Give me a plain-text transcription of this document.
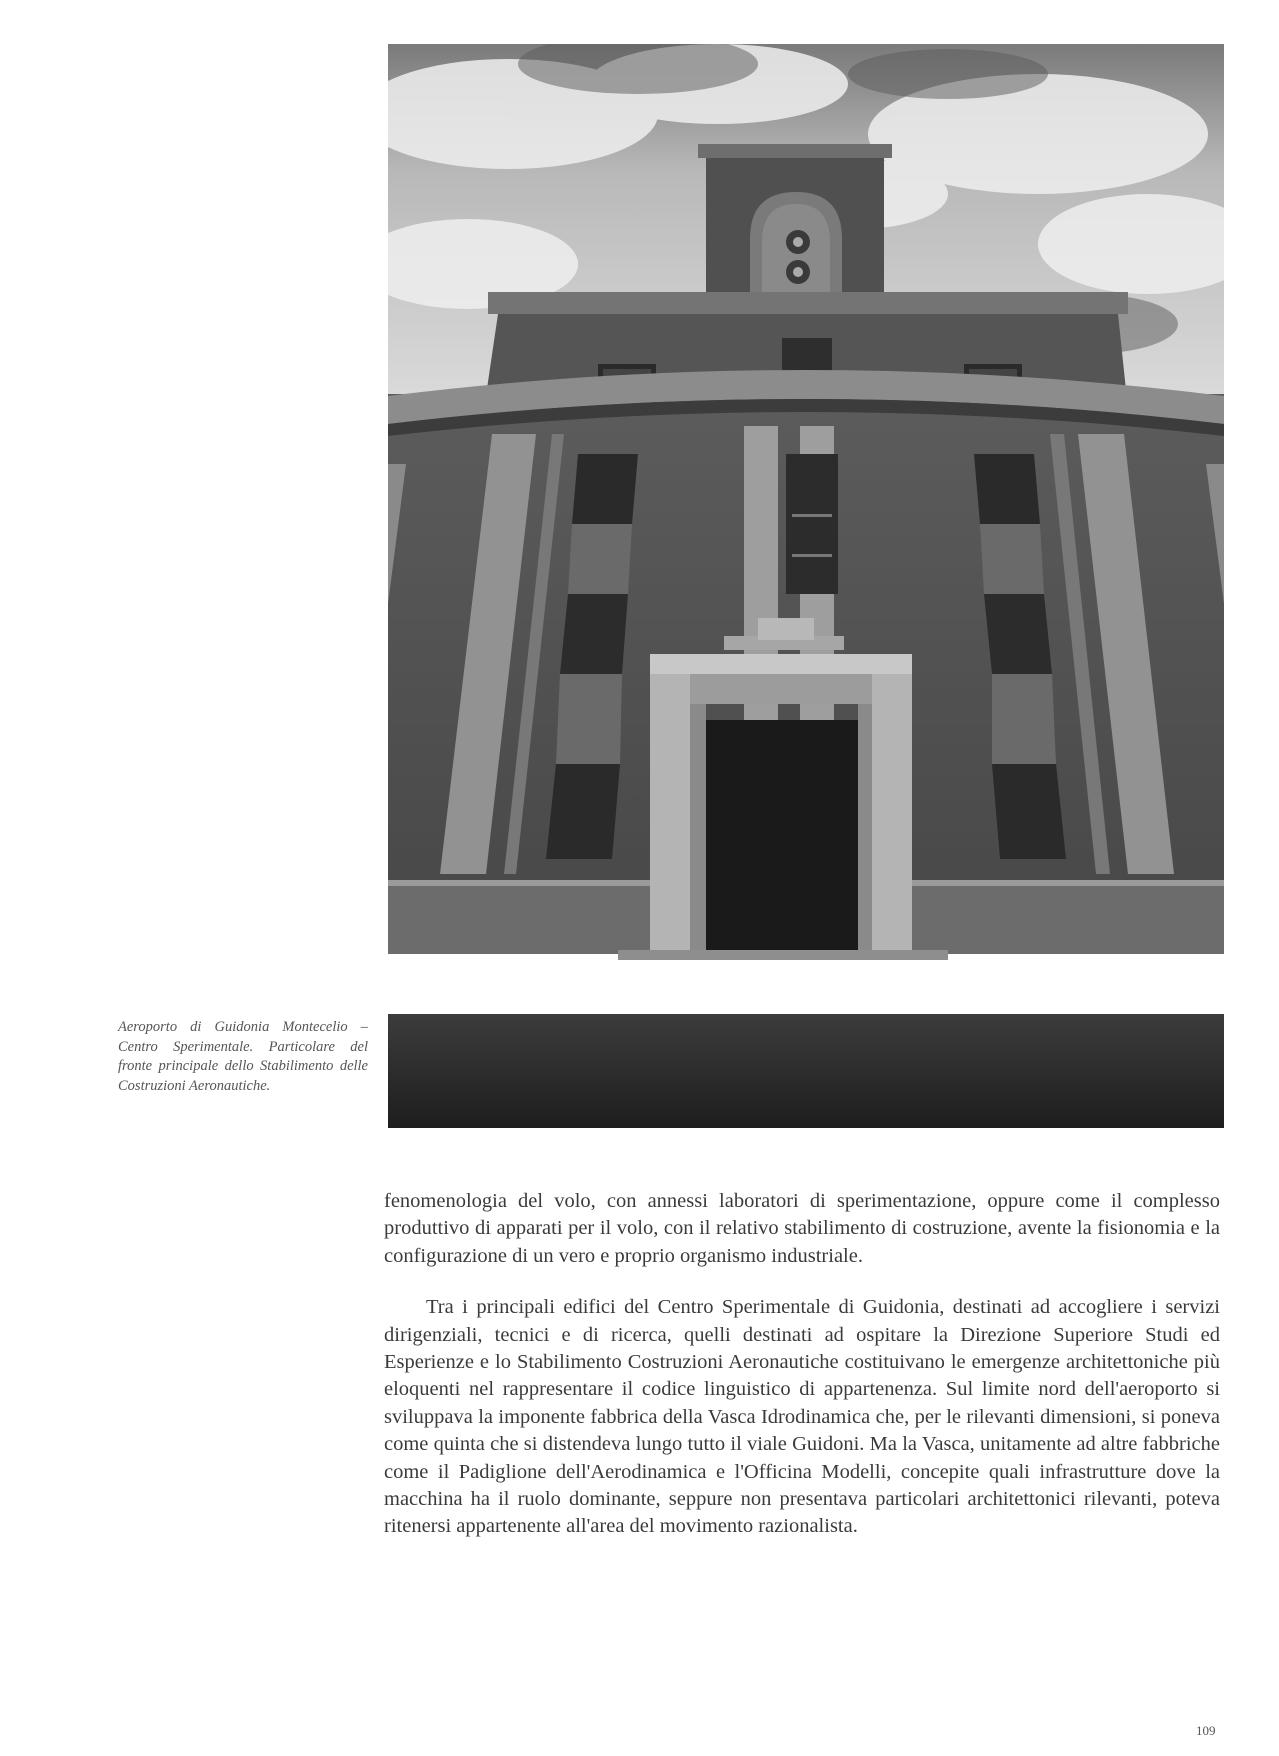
Aeroporto di Guidonia Montecelio – Centro Sperimentale. Particolare del fronte principale dello Stabilimento delle Costruzioni Aeronautiche.

fenomenologia del volo, con annessi laboratori di sperimentazione, oppure come il complesso produttivo di apparati per il volo, con il relativo stabilimento di costruzione, avente la fisionomia e la configurazione di un vero e proprio organismo industriale.

Tra i principali edifici del Centro Sperimentale di Guidonia, destinati ad accogliere i servizi dirigenziali, tecnici e di ricerca, quelli destinati ad ospitare la Direzione Superiore Studi ed Esperienze e lo Stabilimento Costruzioni Aeronautiche costituivano le emergenze architettoniche più eloquenti nel rappresentare il codice linguistico di appartenenza. Sul limite nord dell'aeroporto si sviluppava la imponente fabbrica della Vasca Idrodinamica che, per le rilevanti dimensioni, si poneva come quinta che si distendeva lungo tutto il viale Guidoni. Ma la Vasca, unitamente ad altre fabbriche come il Padiglione dell'Aerodinamica e l'Officina Modelli, concepite quali infrastrutture dove la macchina ha il ruolo dominante, seppure non presentava particolari architettonici rilevanti, poteva ritenersi appartenente all'area del movimento razionalista.

109
